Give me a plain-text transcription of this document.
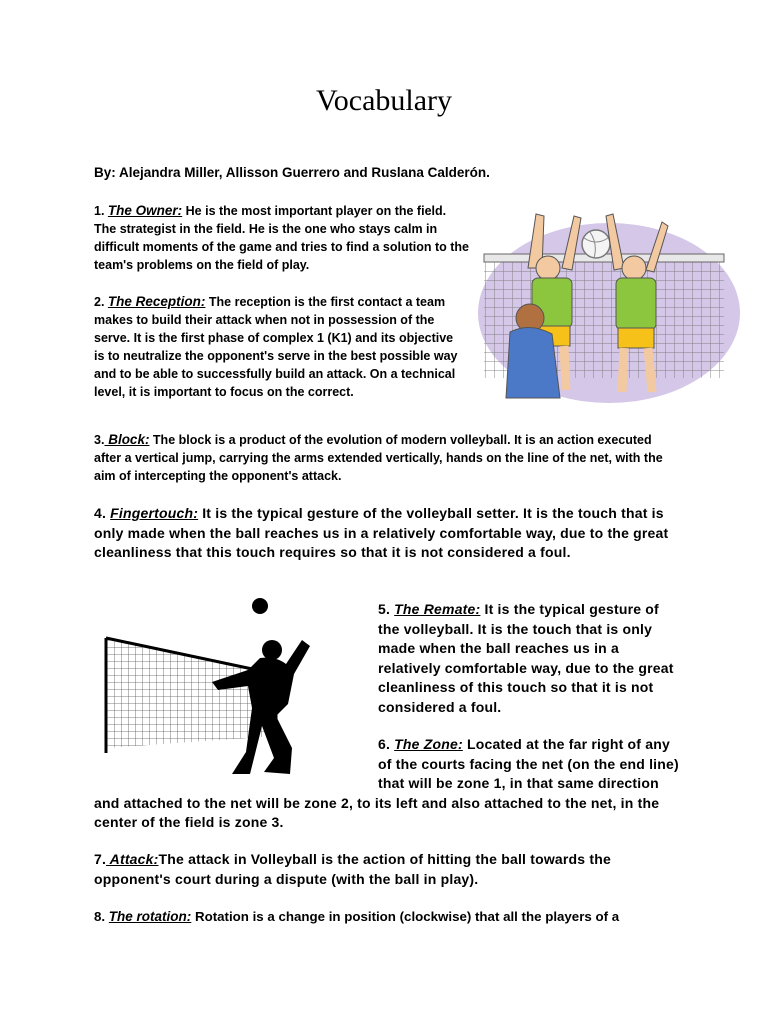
Vocabulary

By: Alejandra Miller, Allisson Guerrero and Ruslana Calderón.

1. The Owner: He is the most important player on the field. The strategist in the field. He is the one who stays calm in difficult moments of the game and tries to find a solution to the team's problems on the field of play.

2. The Reception: The reception is the first contact a team makes to build their attack when not in possession of the serve. It is the first phase of complex 1 (K1) and its objective is to neutralize the opponent's serve in the best possible way and to be able to successfully build an attack. On a technical level, it is important to focus on the correct.

3. Block: The block is a product of the evolution of modern volleyball. It is an action executed after a vertical jump, carrying the arms extended vertically, hands on the line of the net, with the aim of intercepting the opponent's attack.

4. Fingertouch: It is the typical gesture of the volleyball setter. It is the touch that is only made when the ball reaches us in a relatively comfortable way, due to the great cleanliness that this touch requires so that it is not considered a foul.

5. The Remate: It is the typical gesture of the volleyball. It is the touch that is only made when the ball reaches us in a relatively comfortable way, due to the great cleanliness of this touch so that it is not considered a foul.

6. The Zone: Located at the far right of any of the courts facing the net (on the end line) that will be zone 1, in that same direction and attached to the net will be zone 2, to its left and also attached to the net, in the center of the field is zone 3.

7. Attack:The attack in Volleyball is the action of hitting the ball towards the opponent's court during a dispute (with the ball in play).

8. The rotation: Rotation is a change in position (clockwise) that all the players of a
